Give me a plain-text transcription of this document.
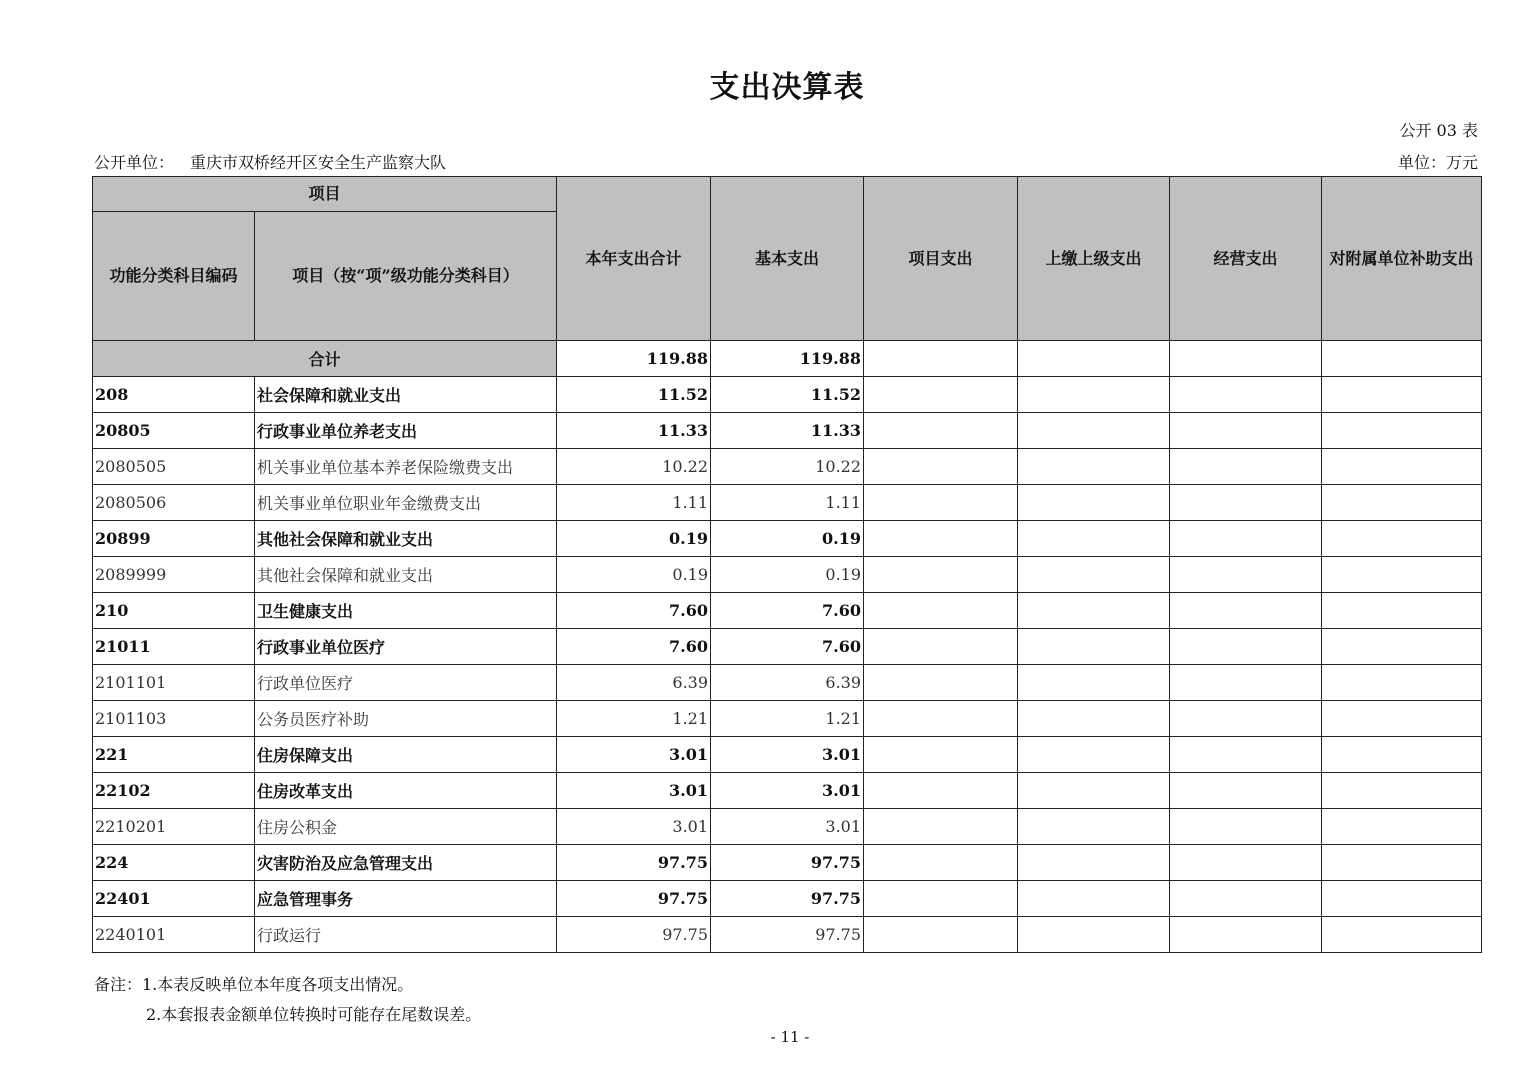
支出决算表
公开 03 表
公开单位： 重庆市双桥经开区安全生产监察大队	单位：万元
项目		本年支出合计	基本支出	项目支出	上缴上级支出	经营支出	对附属单位补助支出
功能分类科目编码	项目（按“项”级功能分类科目）						
合计		119.88	119.88				
208	社会保障和就业支出	11.52	11.52				
20805	行政事业单位养老支出	11.33	11.33				
2080505	机关事业单位基本养老保险缴费支出	10.22	10.22				
2080506	机关事业单位职业年金缴费支出	1.11	1.11				
20899	其他社会保障和就业支出	0.19	0.19				
2089999	其他社会保障和就业支出	0.19	0.19				
210	卫生健康支出	7.60	7.60				
21011	行政事业单位医疗	7.60	7.60				
2101101	行政单位医疗	6.39	6.39				
2101103	公务员医疗补助	1.21	1.21				
221	住房保障支出	3.01	3.01				
22102	住房改革支出	3.01	3.01				
2210201	住房公积金	3.01	3.01				
224	灾害防治及应急管理支出	97.75	97.75				
22401	应急管理事务	97.75	97.75				
2240101	行政运行	97.75	97.75				
备注：1.本表反映单位本年度各项支出情况。
2.本套报表金额单位转换时可能存在尾数误差。
- 11 -
